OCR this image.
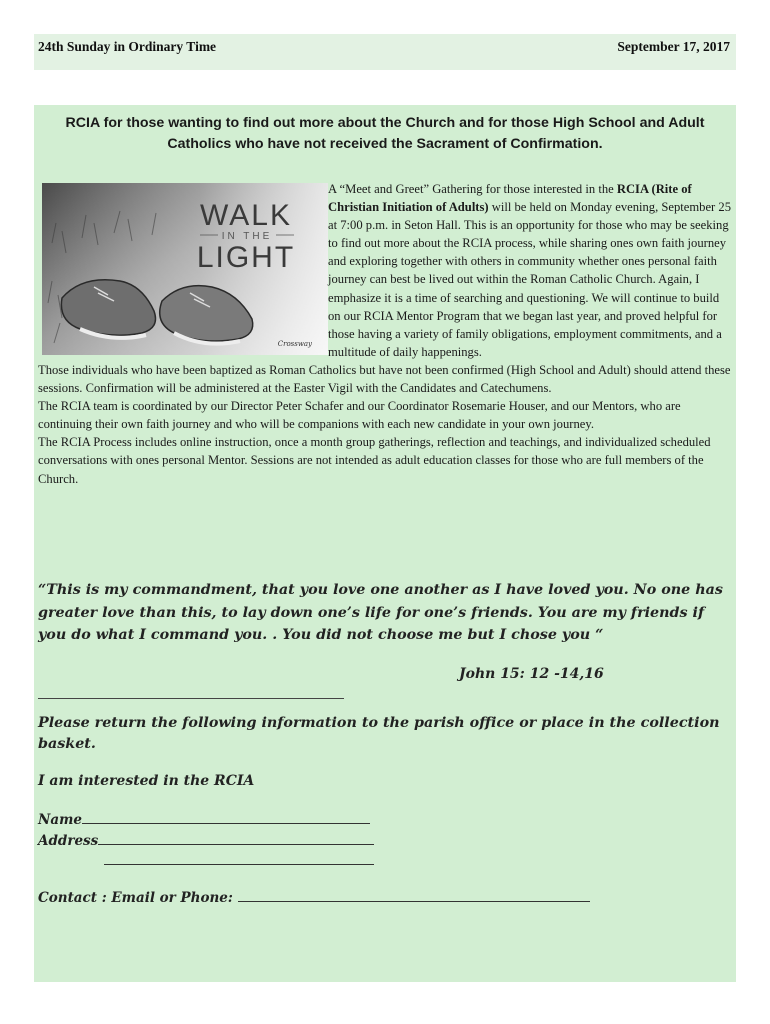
24th Sunday in Ordinary Time	September 17, 2017
RCIA for those wanting to find out more about the Church and for those High School and Adult
Catholics who have not received the Sacrament of Confirmation.
WALK
IN THE
LIGHT
Crossway

A “Meet and Greet” Gathering for those interested in the RCIA (Rite of Christian Initiation of Adults) will be held on Monday evening, September 25 at 7:00 p.m. in Seton Hall. This is an opportunity for those who may be seeking to find out more about the RCIA process, while sharing ones own faith journey and exploring together with others in community whether ones personal faith journey can best be lived out within the Roman Catholic Church. Again, I emphasize it is a time of searching and questioning. We will continue to build on our RCIA Mentor Program that we began last year, and proved helpful for those having a variety of family obligations, employment commitments, and a multitude of daily happenings.

Those individuals who have been baptized as Roman Catholics but have not been confirmed (High School and Adult) should attend these sessions. Confirmation will be administered at the Easter Vigil with the Candidates and Catechumens.

The RCIA team is coordinated by our Director Peter Schafer and our Coordinator Rosemarie Houser, and our Mentors, who are continuing their own faith journey and who will be companions with each new candidate in your own journey.

The RCIA Process includes online instruction, once a month group gatherings, reflection and teachings, and individualized scheduled conversations with ones personal Mentor. Sessions are not intended as adult education classes for those who are full members of the Church.

“This is my commandment, that you love one another as I have loved you. No one has greater love than this, to lay down one’s life for one’s friends. You are my friends if you do what I command you. . You did not choose me but I chose you “
John 15: 12 -14,16
Please return the following information to the parish office or place in the collection basket.
I am interested in the RCIA
Name
Address
Contact : Email or Phone:
